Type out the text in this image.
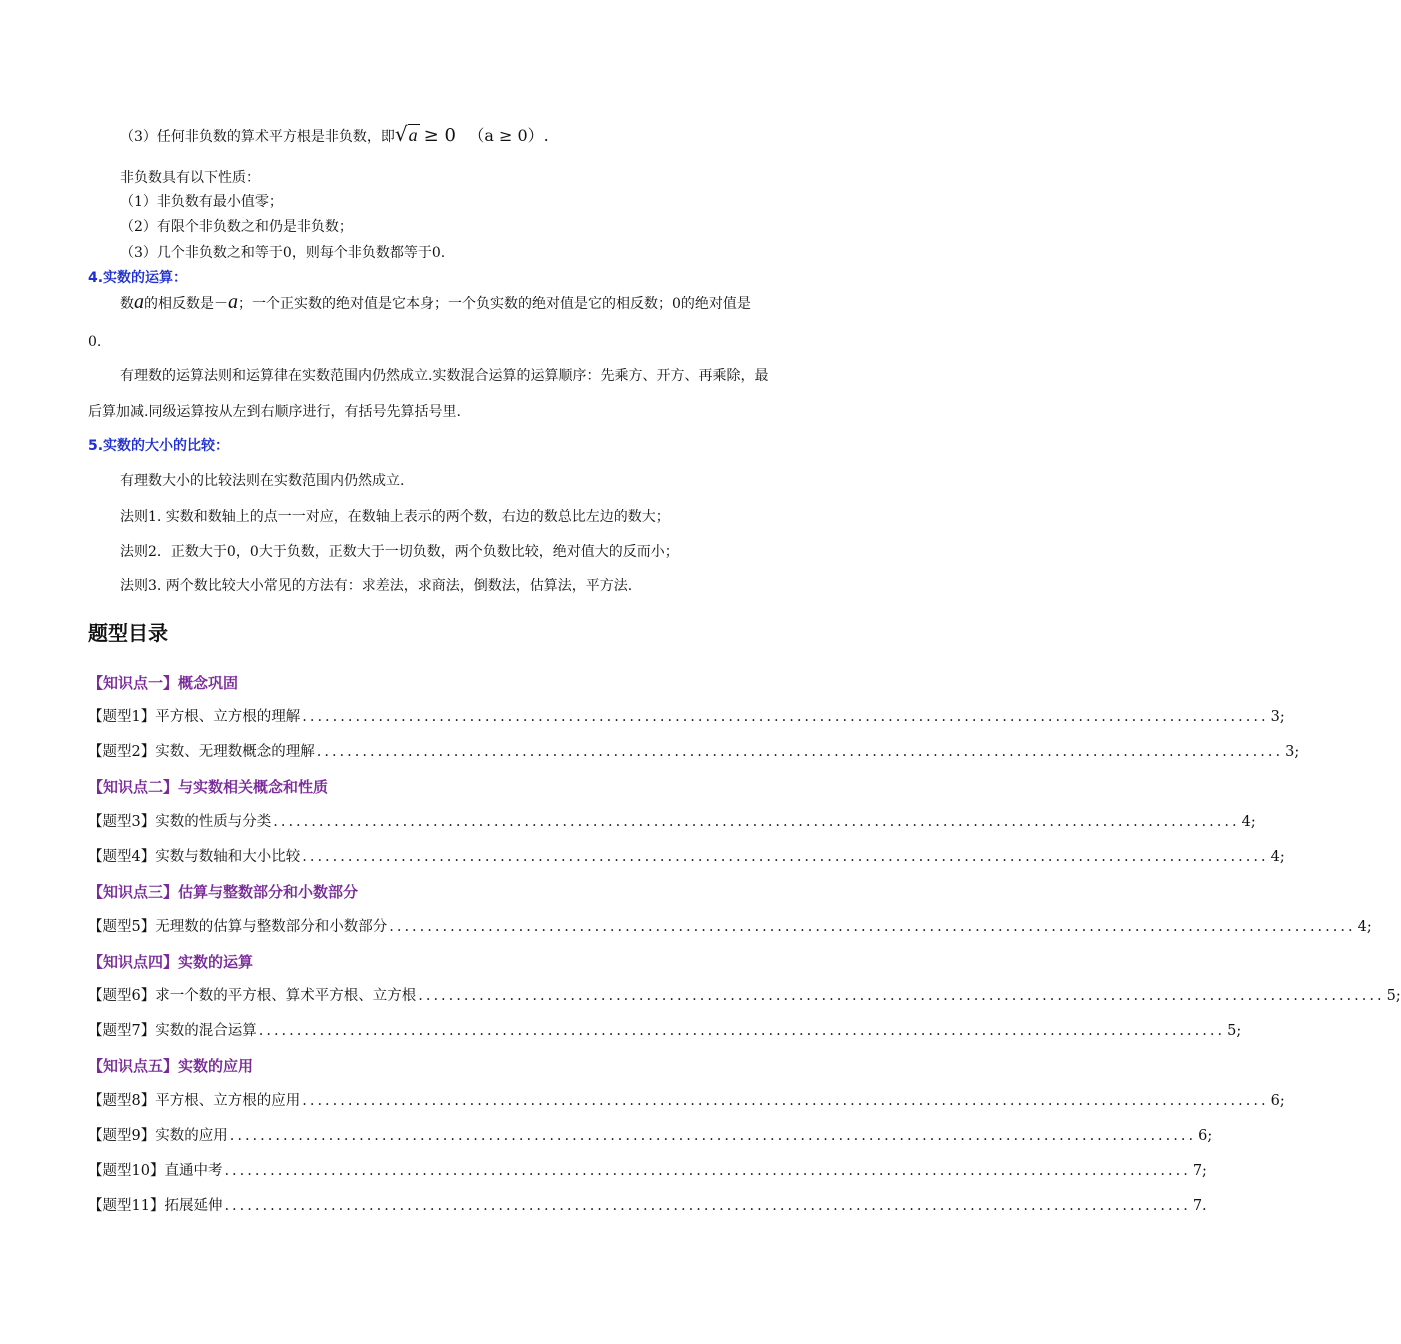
（3）任何非负数的算术平方根是非负数，即√a ≥ 0 （a ≥ 0）.
非负数具有以下性质：
（1）非负数有最小值零；
（2）有限个非负数之和仍是非负数；
（3）几个非负数之和等于0，则每个非负数都等于0.
4.实数的运算：
数a的相反数是－a；一个正实数的绝对值是它本身；一个负实数的绝对值是它的相反数；0的绝对值是
0.
有理数的运算法则和运算律在实数范围内仍然成立.实数混合运算的运算顺序：先乘方、开方、再乘除，最
后算加减.同级运算按从左到右顺序进行，有括号先算括号里.
5.实数的大小的比较：
有理数大小的比较法则在实数范围内仍然成立.
法则1. 实数和数轴上的点一一对应，在数轴上表示的两个数，右边的数总比左边的数大；
法则2．正数大于0，0大于负数，正数大于一切负数，两个负数比较，绝对值大的反而小；
法则3. 两个数比较大小常见的方法有：求差法，求商法，倒数法，估算法，平方法.
题型目录
【知识点一】概念巩固
【题型1】平方根、立方根的理解 ............................................................................................................................... 3;
【题型2】实数、无理数概念的理解 ............................................................................................................................... 3;
【知识点二】与实数相关概念和性质
【题型3】实数的性质与分类 ............................................................................................................................... 4;
【题型4】实数与数轴和大小比较 ............................................................................................................................... 4;
【知识点三】估算与整数部分和小数部分
【题型5】无理数的估算与整数部分和小数部分 ............................................................................................................................... 4;
【知识点四】实数的运算
【题型6】求一个数的平方根、算术平方根、立方根 ............................................................................................................................... 5;
【题型7】实数的混合运算 ............................................................................................................................... 5;
【知识点五】实数的应用
【题型8】平方根、立方根的应用 ............................................................................................................................... 6;
【题型9】实数的应用 ............................................................................................................................... 6;
【题型10】直通中考 ............................................................................................................................... 7;
【题型11】拓展延伸 ............................................................................................................................... 7.
